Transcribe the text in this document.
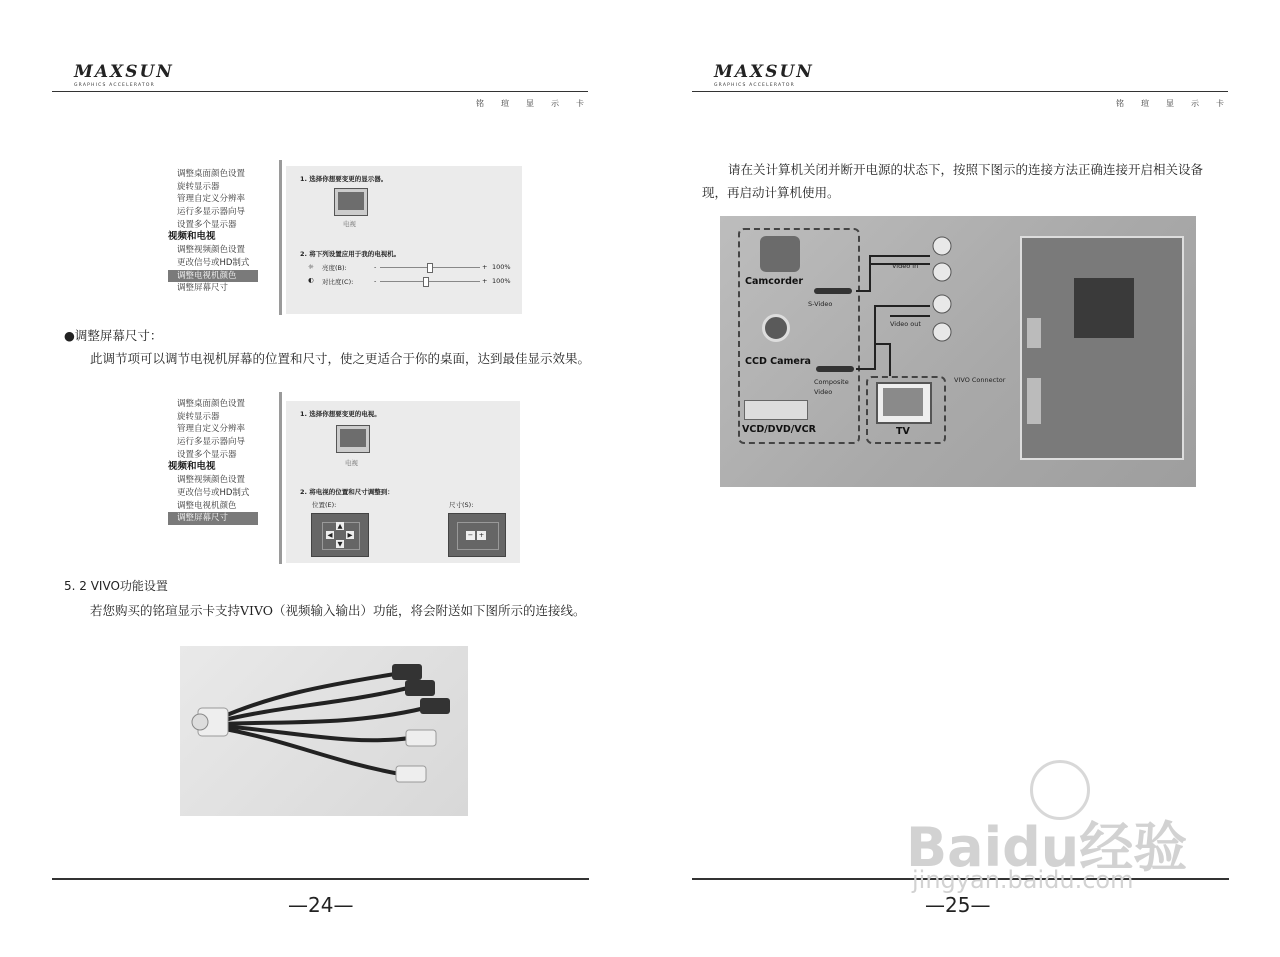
MAXSUN
GRAPHICS ACCELERATOR
铭瑄显示卡
调整桌面颜色设置
旋转显示器
管理自定义分辨率
运行多显示器向导
设置多个显示器
视频和电视
调整视频颜色设置
更改信号或HD制式
调整电视机颜色
调整屏幕尺寸
1. 选择你想要变更的显示器。
电视
2. 将下列设置应用于我的电视机。
☼ 亮度(B):	-	+ 100%
◐ 对比度(C):	-	+ 100%
●调整屏幕尺寸：
此调节项可以调节电视机屏幕的位置和尺寸，使之更适合于你的桌面，达到最佳显示效果。
调整桌面颜色设置
旋转显示器
管理自定义分辨率
运行多显示器向导
设置多个显示器
视频和电视
调整视频颜色设置
更改信号或HD制式
调整电视机颜色
调整屏幕尺寸
1. 选择你想要变更的电视。
电视
2. 将电视的位置和尺寸调整到：
位置(E):	尺寸(S):
▲
◀ ▶
▼
− +
5. 2 VIVO功能设置
若您购买的铭瑄显示卡支持VIVO（视频输入输出）功能，将会附送如下图所示的连接线。
—24—
MAXSUN
GRAPHICS ACCELERATOR
铭瑄显示卡
请在关计算机关闭并断开电源的状态下，按照下图示的连接方法正确连接开启相关设备
现，再启动计算机使用。
Camcorder
CCD Camera
VCD/DVD/VCR
S-Video
Composite
Video
Video in
Video out
TV
VIVO Connector
—25—
Baidu经验
jingyan.baidu.com
